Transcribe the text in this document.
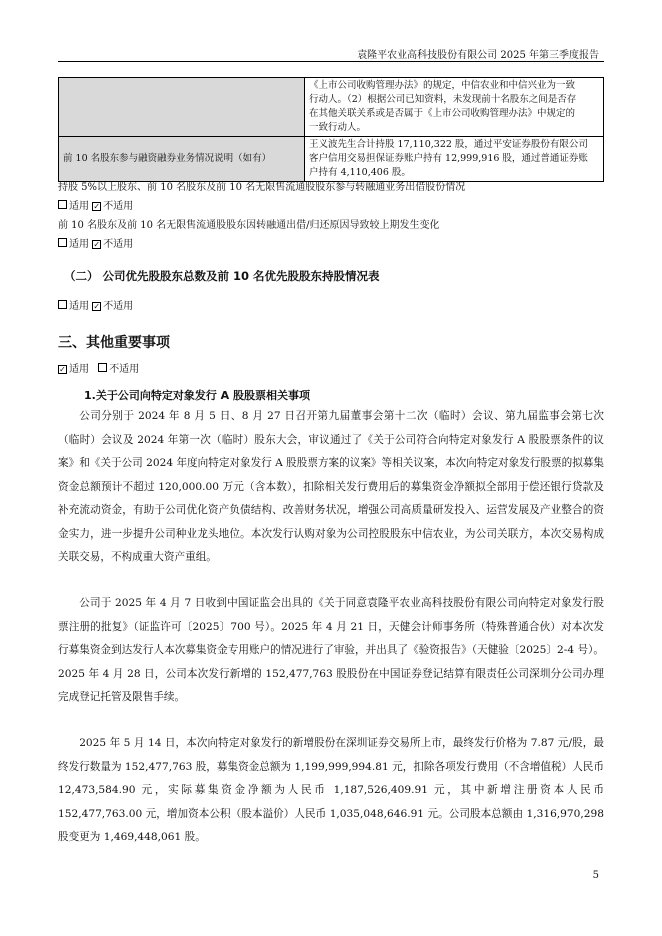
袁隆平农业高科技股份有限公司 2025 年第三季度报告

	《上市公司收购管理办法》的规定，中信农业和中信兴业为一致
行动人。（2）根据公司已知资料，未发现前十名股东之间是否存
在其他关联关系或是否属于《上市公司收购管理办法》中规定的
一致行动人。

前 10 名股东参与融资融券业务情况说明（如有）	王义波先生合计持股 17,110,322 股，通过平安证券股份有限公司
客户信用交易担保证券账户持有 12,999,916 股，通过普通证券账
户持有 4,110,406 股。
持股 5%以上股东、前 10 名股东及前 10 名无限售流通股股东参与转融通业务出借股份情况
适用 ✓ 不适用
前 10 名股东及前 10 名无限售流通股股东因转融通出借/归还原因导致较上期发生变化
适用 ✓ 不适用
（二） 公司优先股股东总数及前 10 名优先股股东持股情况表
适用 ✓ 不适用
三、其他重要事项
✓ 适用 不适用
1.关于公司向特定对象发行 A 股股票相关事项
公司分别于 2024 年 8 月 5 日、8 月 27 日召开第九届董事会第十二次（临时）会议、第九届监事会第七次（临时）会议及 2024 年第一次（临时）股东大会，审议通过了《关于公司符合向特定对象发行 A 股股票条件的议案》和《关于公司 2024 年度向特定对象发行 A 股股票方案的议案》等相关议案，本次向特定对象发行股票的拟募集资金总额预计不超过 120,000.00 万元（含本数），扣除相关发行费用后的募集资金净额拟全部用于偿还银行贷款及补充流动资金，有助于公司优化资产负债结构、改善财务状况，增强公司高质量研发投入、运营发展及产业整合的资金实力，进一步提升公司种业龙头地位。本次发行认购对象为公司控股股东中信农业，为公司关联方，本次交易构成关联交易，不构成重大资产重组。
公司于 2025 年 4 月 7 日收到中国证监会出具的《关于同意袁隆平农业高科技股份有限公司向特定对象发行股票注册的批复》（证监许可〔2025〕700 号）。2025 年 4 月 21 日，天健会计师事务所（特殊普通合伙）对本次发行募集资金到达发行人本次募集资金专用账户的情况进行了审验，并出具了《验资报告》（天健验〔2025〕2-4 号）。2025 年 4 月 28 日，公司本次发行新增的 152,477,763 股股份在中国证券登记结算有限责任公司深圳分公司办理完成登记托管及限售手续。
2025 年 5 月 14 日，本次向特定对象发行的新增股份在深圳证券交易所上市，最终发行价格为 7.87 元/股，最终发行数量为 152,477,763 股，募集资金总额为 1,199,999,994.81 元，扣除各项发行费用（不含增值税）人民币 12,473,584.90 元，实际募集资金净额为人民币 1,187,526,409.91 元，其中新增注册资本人民币 152,477,763.00 元，增加资本公积（股本溢价）人民币 1,035,048,646.91 元。公司股本总额由 1,316,970,298 股变更为 1,469,448,061 股。
5
